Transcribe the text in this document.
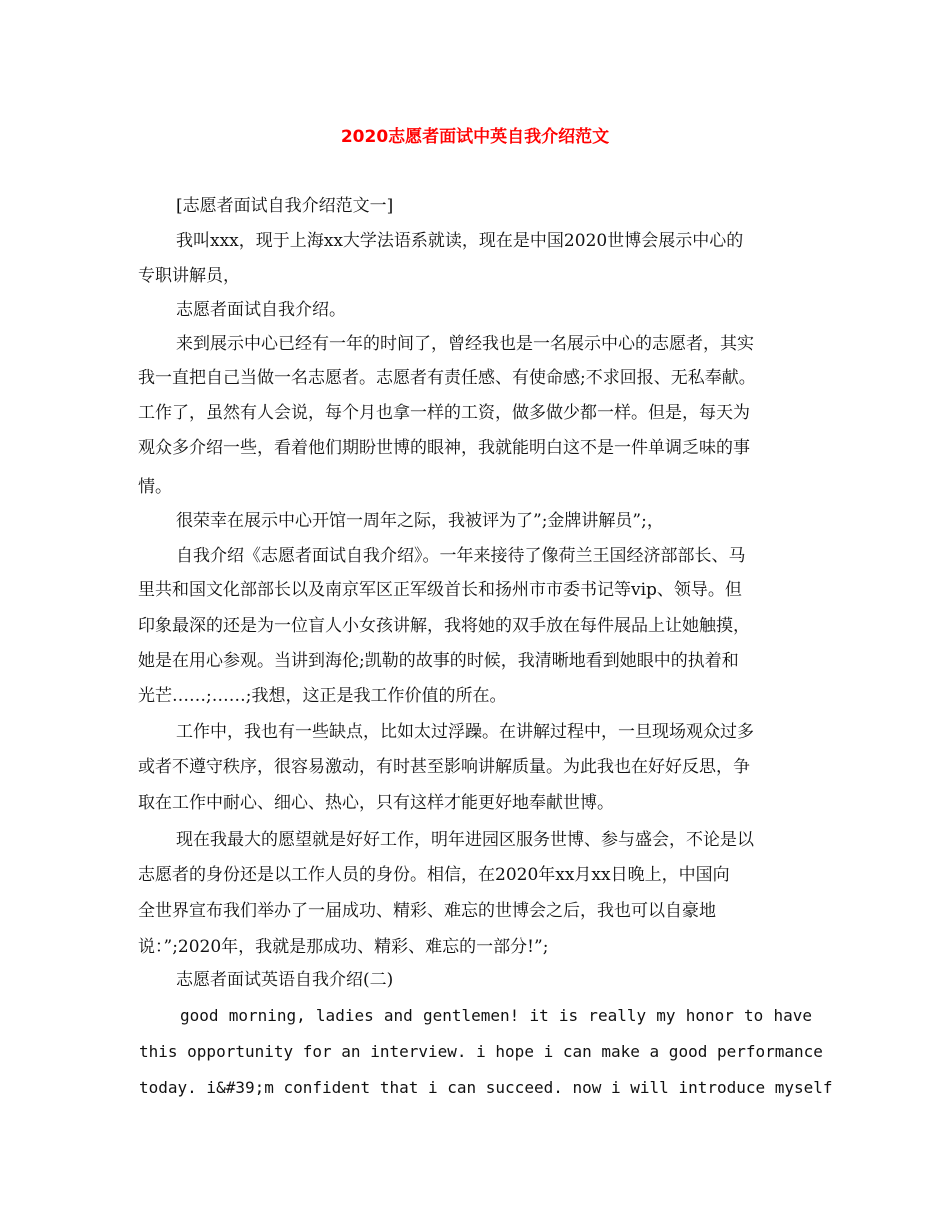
2020志愿者面试中英自我介绍范文
[志愿者面试自我介绍范文一]
我叫xxx，现于上海xx大学法语系就读，现在是中国2020世博会展示中心的
专职讲解员，
志愿者面试自我介绍。
来到展示中心已经有一年的时间了，曾经我也是一名展示中心的志愿者，其实
我一直把自己当做一名志愿者。志愿者有责任感、有使命感;不求回报、无私奉献。
工作了，虽然有人会说，每个月也拿一样的工资，做多做少都一样。但是，每天为
观众多介绍一些，看着他们期盼世博的眼神，我就能明白这不是一件单调乏味的事
情。
很荣幸在展示中心开馆一周年之际，我被评为了”;金牌讲解员”;，
自我介绍《志愿者面试自我介绍》。一年来接待了像荷兰王国经济部部长、马
里共和国文化部部长以及南京军区正军级首长和扬州市市委书记等vip、领导。但
印象最深的还是为一位盲人小女孩讲解，我将她的双手放在每件展品上让她触摸，
她是在用心参观。当讲到海伦;凯勒的故事的时候，我清晰地看到她眼中的执着和
光芒……;……;我想，这正是我工作价值的所在。
工作中，我也有一些缺点，比如太过浮躁。在讲解过程中，一旦现场观众过多
或者不遵守秩序，很容易激动，有时甚至影响讲解质量。为此我也在好好反思，争
取在工作中耐心、细心、热心，只有这样才能更好地奉献世博。
现在我最大的愿望就是好好工作，明年进园区服务世博、参与盛会，不论是以
志愿者的身份还是以工作人员的身份。相信，在2020年xx月xx日晚上，中国向
全世界宣布我们举办了一届成功、精彩、难忘的世博会之后，我也可以自豪地
说：”;2020年，我就是那成功、精彩、难忘的一部分!”;
志愿者面试英语自我介绍(二)
good morning, ladies and gentlemen! it is really my honor to have
this opportunity for an interview. i hope i can make a good performance
today. i&#39;m confident that i can succeed. now i will introduce myself
